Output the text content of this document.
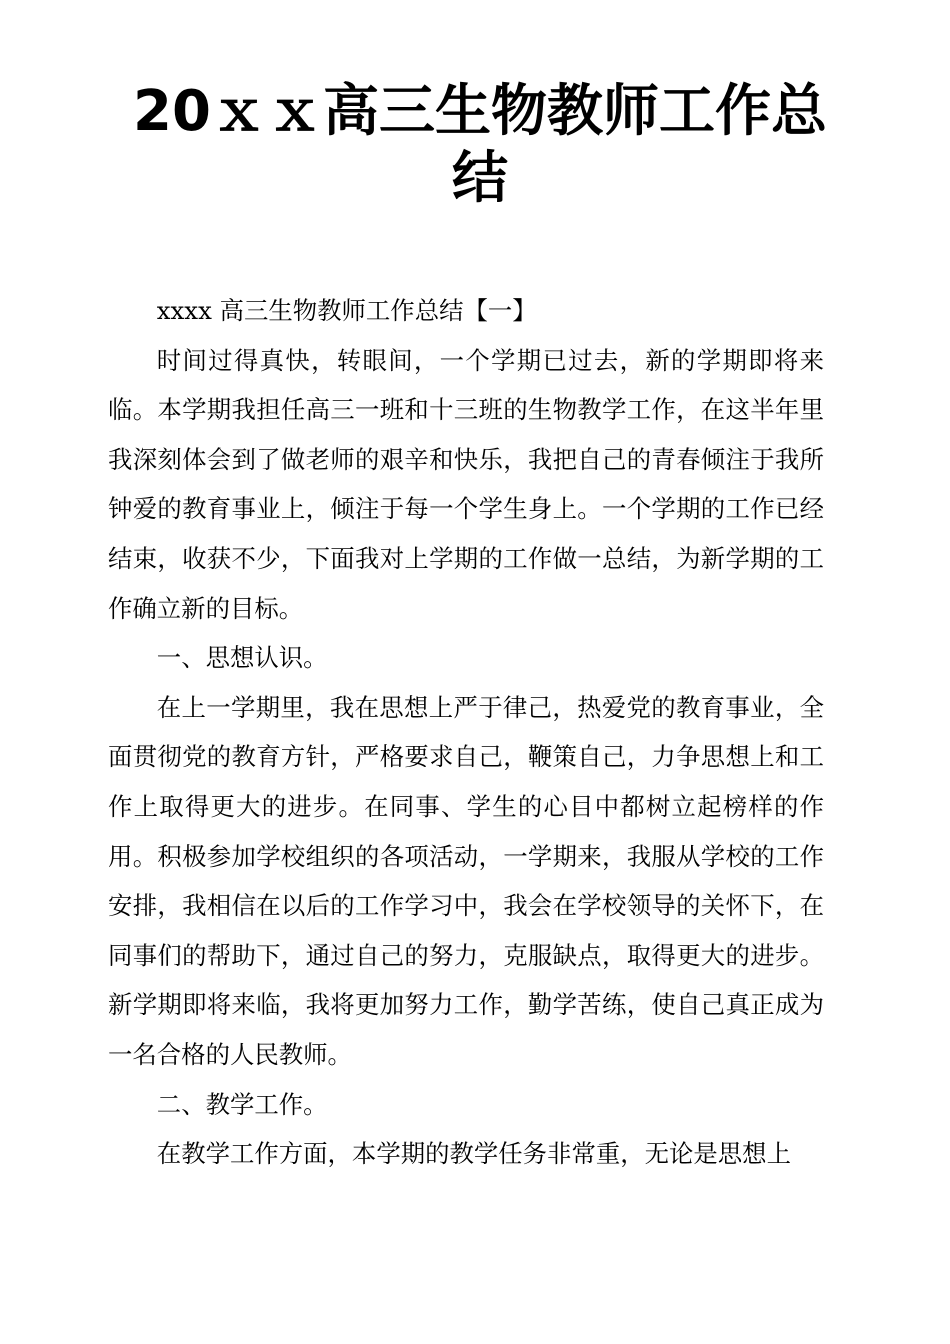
20ｘｘ高三生物教师工作总结

xxxx 高三生物教师工作总结【一】

时间过得真快，转眼间，一个学期已过去，新的学期即将来临。本学期我担任高三一班和十三班的生物教学工作，在这半年里我深刻体会到了做老师的艰辛和快乐，我把自己的青春倾注于我所钟爱的教育事业上，倾注于每一个学生身上。一个学期的工作已经结束，收获不少，下面我对上学期的工作做一总结，为新学期的工作确立新的目标。

一、思想认识。

在上一学期里，我在思想上严于律己，热爱党的教育事业，全面贯彻党的教育方针，严格要求自己，鞭策自己，力争思想上和工作上取得更大的进步。在同事、学生的心目中都树立起榜样的作用。积极参加学校组织的各项活动，一学期来，我服从学校的工作安排，我相信在以后的工作学习中，我会在学校领导的关怀下，在同事们的帮助下，通过自己的努力，克服缺点，取得更大的进步。新学期即将来临，我将更加努力工作，勤学苦练，使自己真正成为一名合格的人民教师。

二、教学工作。

在教学工作方面，本学期的教学任务非常重，无论是思想上
